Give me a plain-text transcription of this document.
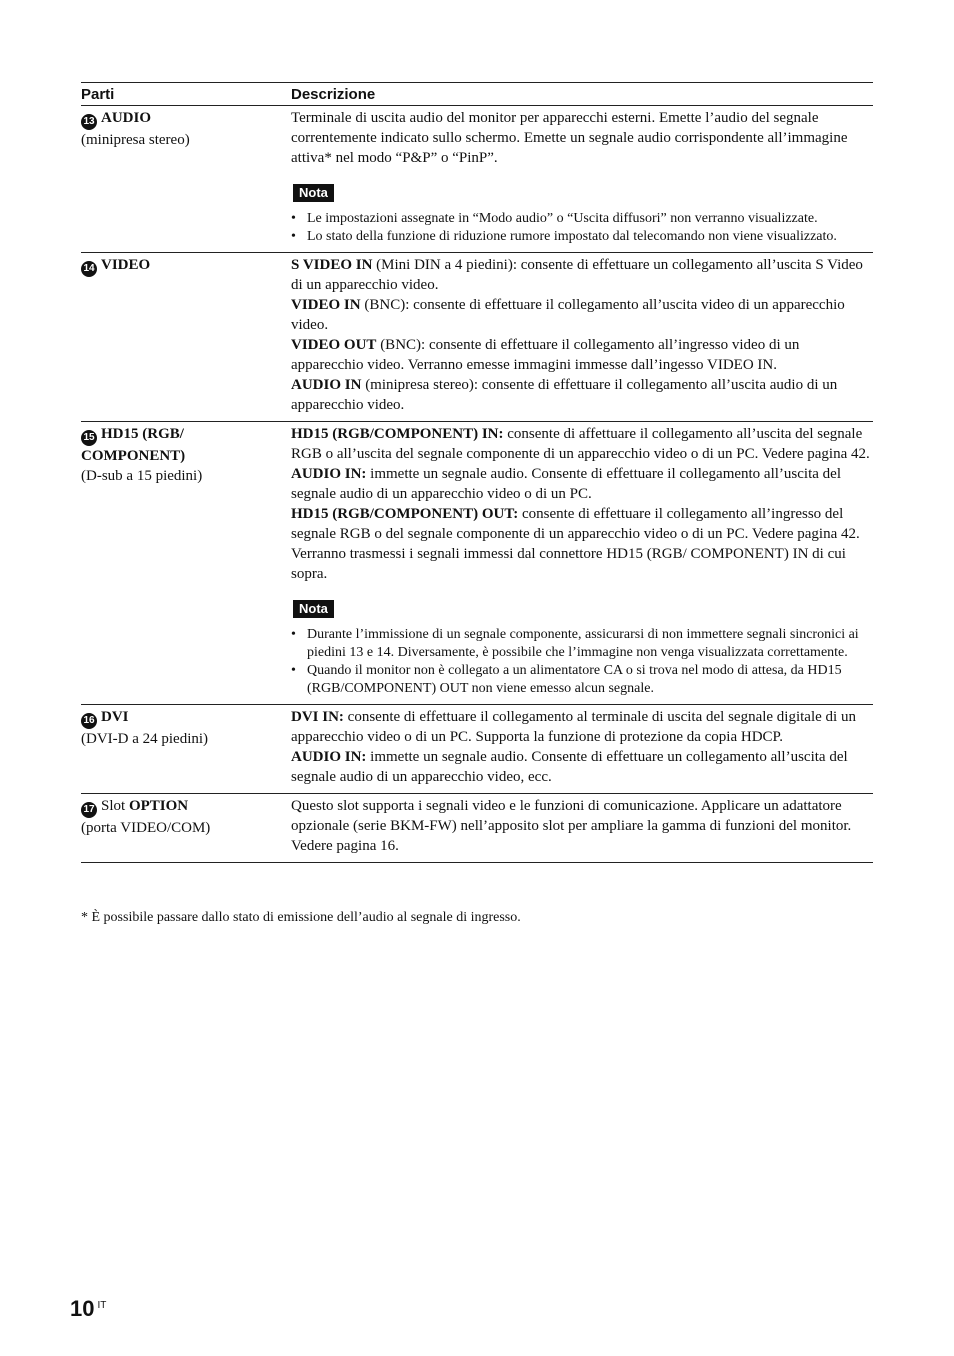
Parti	Descrizione
13 AUDIO
(minipresa stereo)
Terminale di uscita audio del monitor per apparecchi esterni. Emette l’audio del segnale correntemente indicato sullo schermo. Emette un segnale audio corrispondente all’immagine attiva* nel modo “P&P” o “PinP”.
Nota
• Le impostazioni assegnate in “Modo audio” o “Uscita diffusori” non verranno visualizzate.
• Lo stato della funzione di riduzione rumore impostato dal telecomando non viene visualizzato.
14 VIDEO	S VIDEO IN (Mini DIN a 4 piedini): consente di effettuare un collegamento all’uscita S Video di un apparecchio video.
VIDEO IN (BNC): consente di effettuare il collegamento all’uscita video di un apparecchio video.
VIDEO OUT (BNC): consente di effettuare il collegamento all’ingresso video di un apparecchio video. Verranno emesse immagini immesse dall’ingesso VIDEO IN.
AUDIO IN (minipresa stereo): consente di effettuare il collegamento all’uscita audio di un apparecchio video.
15 HD15 (RGB/ COMPONENT)
(D-sub a 15 piedini)
HD15 (RGB/COMPONENT) IN: consente di affettuare il collegamento all’uscita del segnale RGB o all’uscita del segnale componente di un apparecchio video o di un PC. Vedere pagina 42.
AUDIO IN: immette un segnale audio. Consente di effettuare il collegamento all’uscita del segnale audio di un apparecchio video o di un PC.
HD15 (RGB/COMPONENT) OUT: consente di effettuare il collegamento all’ingresso del segnale RGB o del segnale componente di un apparecchio video o di un PC. Vedere pagina 42. Verranno trasmessi i segnali immessi dal connettore HD15 (RGB/ COMPONENT) IN di cui sopra.
Nota
• Durante l’immissione di un segnale componente, assicurarsi di non immettere segnali sincronici ai piedini 13 e 14. Diversamente, è possibile che l’immagine non venga visualizzata correttamente.
• Quando il monitor non è collegato a un alimentatore CA o si trova nel modo di attesa, da HD15 (RGB/COMPONENT) OUT non viene emesso alcun segnale.
16 DVI
(DVI-D a 24 piedini)
DVI IN: consente di effettuare il collegamento al terminale di uscita del segnale digitale di un apparecchio video o di un PC. Supporta la funzione di protezione da copia HDCP.
AUDIO IN: immette un segnale audio. Consente di effettuare un collegamento all’uscita del segnale audio di un apparecchio video, ecc.
17 Slot OPTION
(porta VIDEO/COM)
Questo slot supporta i segnali video e le funzioni di comunicazione. Applicare un adattatore opzionale (serie BKM-FW) nell’apposito slot per ampliare la gamma di funzioni del monitor. Vedere pagina 16.
* È possibile passare dallo stato di emissione dell’audio al segnale di ingresso.
10 $^{IT}$
